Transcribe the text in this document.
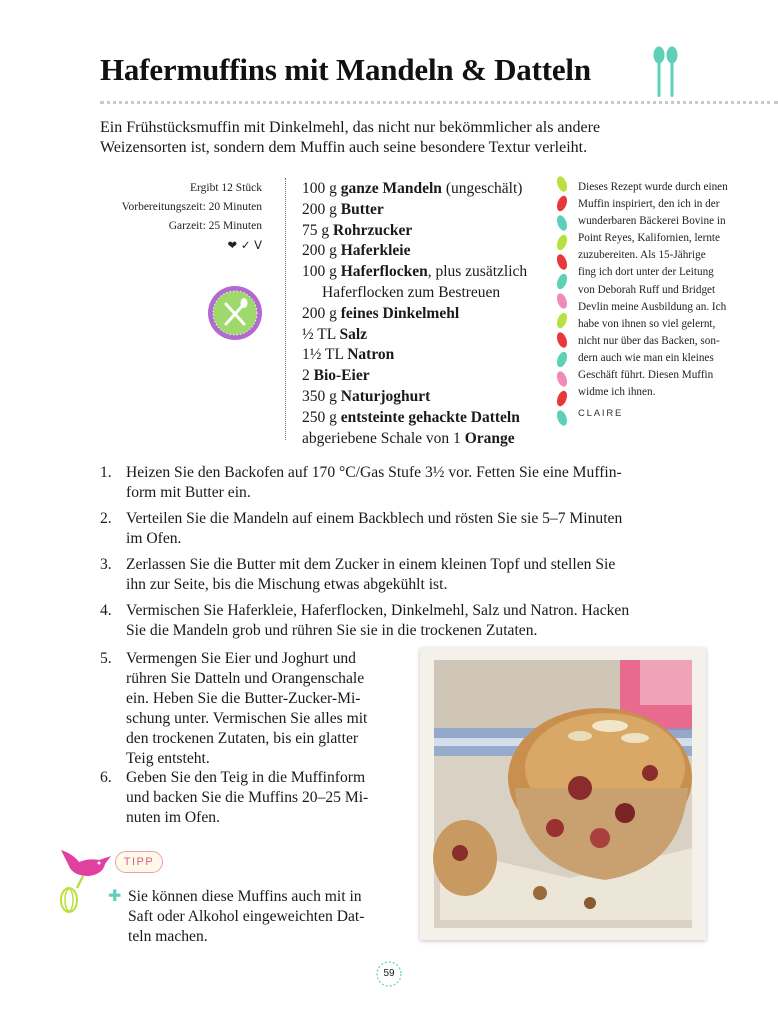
Hafermuffins mit Mandeln & Datteln
Ein Frühstücksmuffin mit Dinkelmehl, das nicht nur bekömmlicher als andere Weizensorten ist, sondern dem Muffin auch seine besondere Textur verleiht.
Ergibt 12 Stück
Vorbereitungszeit: 20 Minuten
Garzeit: 25 Minuten
❤ ✓ V
100 g ganze Mandeln (ungeschält)
200 g Butter
75 g Rohrzucker
200 g Haferkleie
100 g Haferflocken, plus zusätzlich
Haferflocken zum Bestreuen
200 g feines Dinkelmehl
½ TL Salz
1½ TL Natron
2 Bio-Eier
350 g Naturjoghurt
250 g entsteinte gehackte Datteln
abgeriebene Schale von 1 Orange
Dieses Rezept wurde durch einen
Muffin inspiriert, den ich in der
wunderbaren Bäckerei Bovine in
Point Reyes, Kalifornien, lernte
zuzubereiten. Als 15-Jährige
fing ich dort unter der Leitung
von Deborah Ruff und Bridget
Devlin meine Ausbildung an. Ich
habe von ihnen so viel gelernt,
nicht nur über das Backen, son-
dern auch wie man ein kleines
Geschäft führt. Diesen Muffin
widme ich ihnen.
CLAIRE
1. Heizen Sie den Backofen auf 170 °C/Gas Stufe 3½ vor. Fetten Sie eine Muffin-
form mit Butter ein.
2. Verteilen Sie die Mandeln auf einem Backblech und rösten Sie sie 5–7 Minuten
im Ofen.
3. Zerlassen Sie die Butter mit dem Zucker in einem kleinen Topf und stellen Sie
ihn zur Seite, bis die Mischung etwas abgekühlt ist.
4. Vermischen Sie Haferkleie, Haferflocken, Dinkelmehl, Salz und Natron. Hacken
Sie die Mandeln grob und rühren Sie sie in die trockenen Zutaten.
5. Vermengen Sie Eier und Joghurt und
rühren Sie Datteln und Orangenschale
ein. Heben Sie die Butter-Zucker-Mi-
schung unter. Vermischen Sie alles mit
den trockenen Zutaten, bis ein glatter
Teig entsteht.
6. Geben Sie den Teig in die Muffinform
und backen Sie die Muffins 20–25 Mi-
nuten im Ofen.
TIPP
✚ Sie können diese Muffins auch mit in
Saft oder Alkohol eingeweichten Dat-
teln machen.
59
